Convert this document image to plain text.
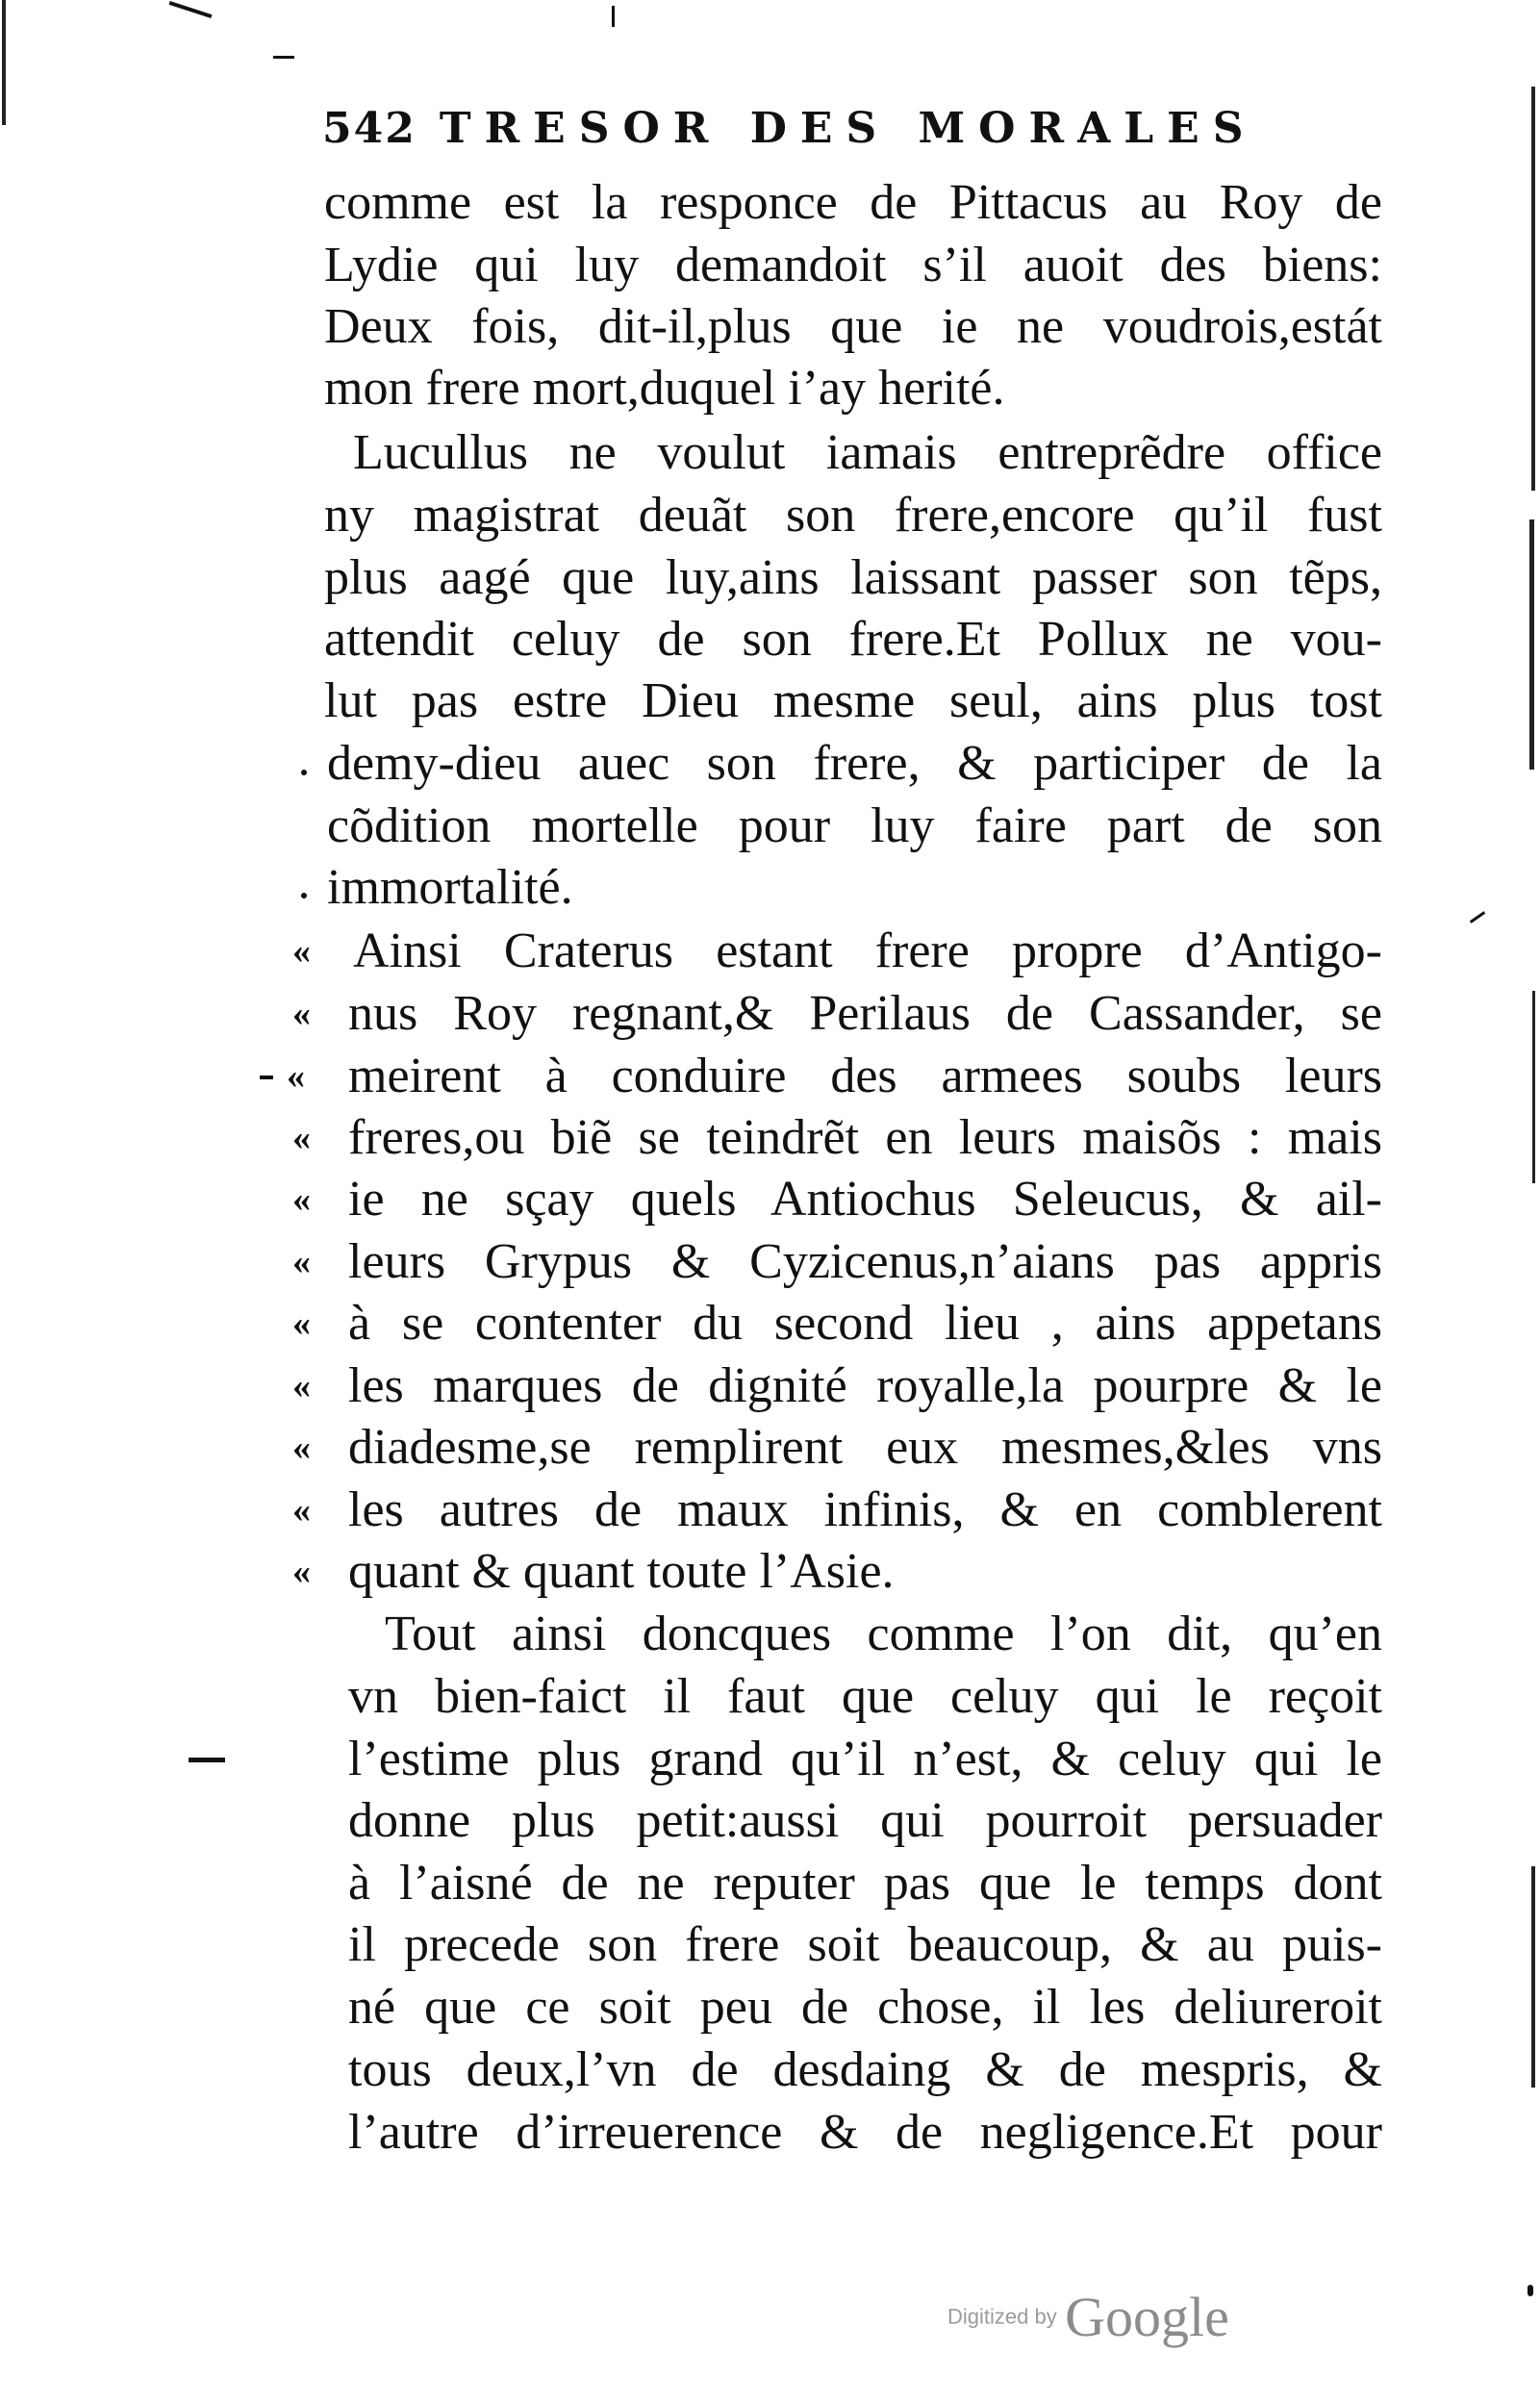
542 TRESOR DES MORALES
comme est la responce de Pittacus au Roy de
Lydie qui luy demandoit s’il auoit des biens:
Deux fois, dit-il,plus que ie ne voudrois,estát
mon frere mort,duquel i’ay herité.
Lucullus ne voulut iamais entreprẽdre office
ny magistrat deuãt son frere,encore qu’il fust
plus aagé que luy,ains laissant passer son tẽps,
attendit celuy de son frere.Et Pollux ne vou-
lut pas estre Dieu mesme seul, ains plus tost
demy-dieu auec son frere, & participer de la
cõdition mortelle pour luy faire part de son
immortalité.
Ainsi Craterus estant frere propre d’Antigo-
nus Roy regnant,& Perilaus de Cassander, se
meirent à conduire des armees soubs leurs
freres,ou biẽ se teindrẽt en leurs maisõs : mais
ie ne sçay quels Antiochus Seleucus, & ail-
leurs Grypus & Cyzicenus,n’aians pas appris
à se contenter du second lieu , ains appetans
les marques de dignité royalle,la pourpre & le
diadesme,se remplirent eux mesmes,&les vns
les autres de maux infinis, & en comblerent
quant & quant toute l’Asie.
Tout ainsi doncques comme l’on dit, qu’en
vn bien-faict il faut que celuy qui le reçoit
l’estime plus grand qu’il n’est, & celuy qui le
donne plus petit:aussi qui pourroit persuader
à l’aisné de ne reputer pas que le temps dont
il precede son frere soit beaucoup, & au puis-
né que ce soit peu de chose, il les deliureroit
tous deux,l’vn de desdaing & de mespris, &
l’autre d’irreuerence & de negligence.Et pour
«
«
«
«
«
«
«
«
«
«
«
Digitized by Google
